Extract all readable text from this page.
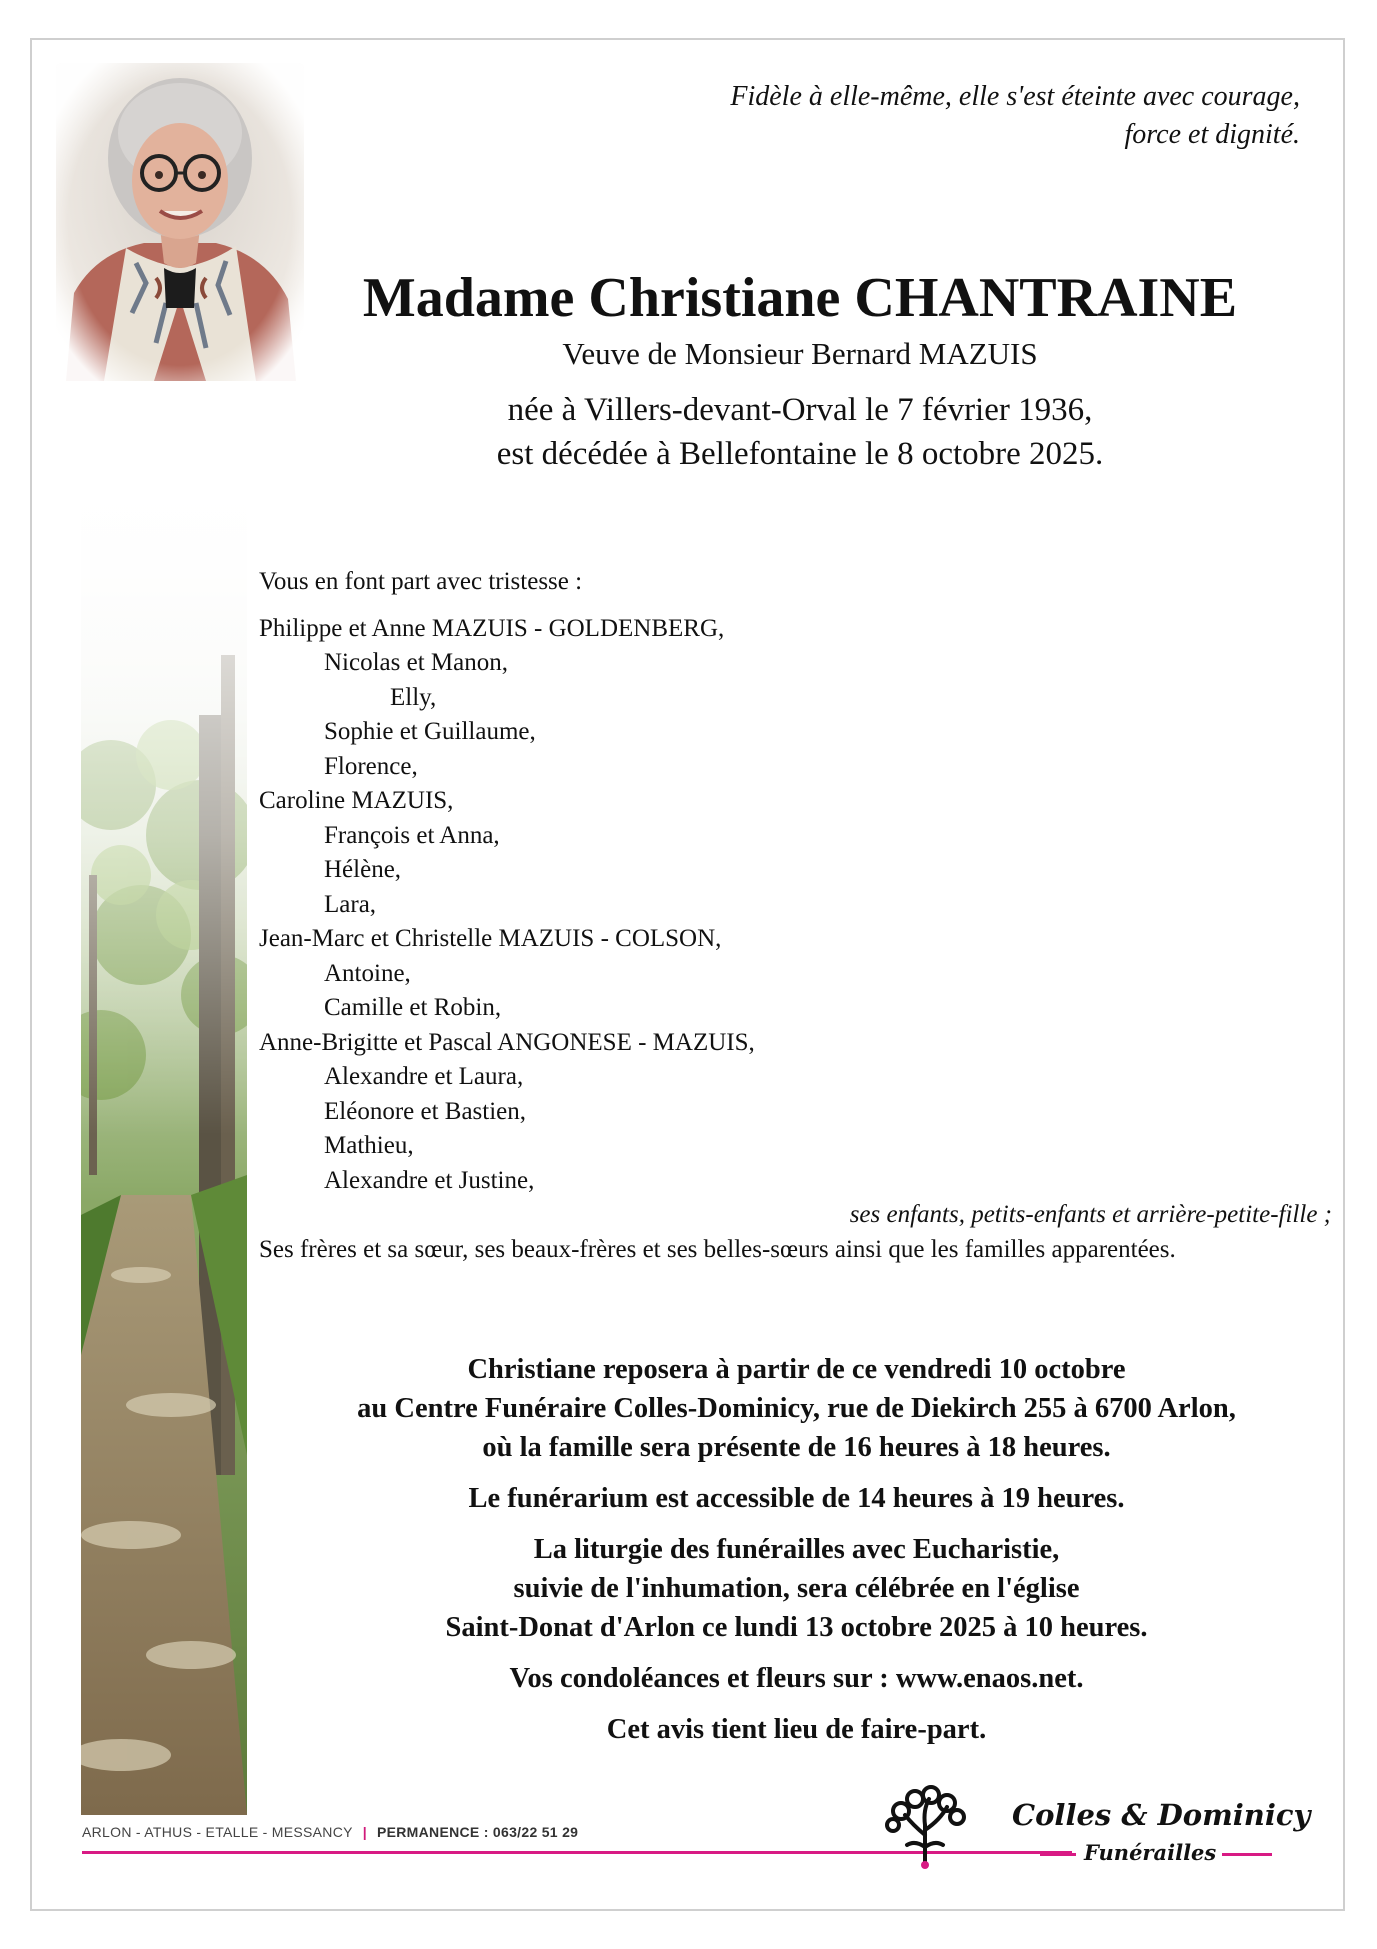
Fidèle à elle-même, elle s'est éteinte avec courage,
force et dignité.
Madame Christiane CHANTRAINE
Veuve de Monsieur Bernard MAZUIS
née à Villers-devant-Orval le 7 février 1936,
est décédée à Bellefontaine le 8 octobre 2025.
Vous en font part avec tristesse :
Philippe et Anne MAZUIS - GOLDENBERG,
Nicolas et Manon,
Elly,
Sophie et Guillaume,
Florence,
Caroline MAZUIS,
François et Anna,
Hélène,
Lara,
Jean-Marc et Christelle MAZUIS - COLSON,
Antoine,
Camille et Robin,
Anne-Brigitte et Pascal ANGONESE - MAZUIS,
Alexandre et Laura,
Eléonore et Bastien,
Mathieu,
Alexandre et Justine,
ses enfants, petits-enfants et arrière-petite-fille ;
Ses frères et sa sœur, ses beaux-frères et ses belles-sœurs ainsi que les familles apparentées.

Christiane reposera à partir de ce vendredi 10 octobre
au Centre Funéraire Colles-Dominicy, rue de Diekirch 255 à 6700 Arlon,
où la famille sera présente de 16 heures à 18 heures.

Le funérarium est accessible de 14 heures à 19 heures.

La liturgie des funérailles avec Eucharistie,
suivie de l'inhumation, sera célébrée en l'église
Saint-Donat d'Arlon ce lundi 13 octobre 2025 à 10 heures.

Vos condoléances et fleurs sur : www.enaos.net.

Cet avis tient lieu de faire-part.

ARLON - ATHUS - ETALLE - MESSANCY | PERMANENCE : 063/22 51 29	Colles & Dominicy
Funérailles
